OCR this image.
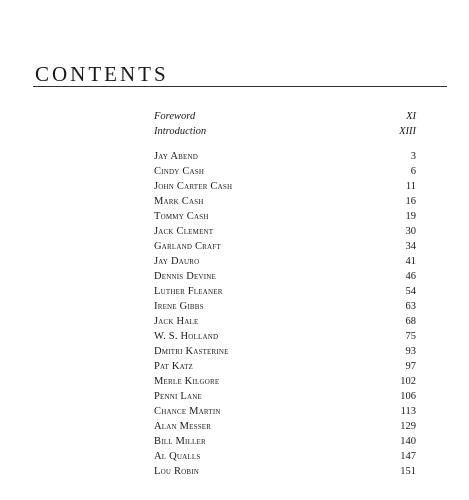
CONTENTS
Foreword	XI
Introduction	XIII
Jay Abend	3
Cindy Cash	6
John Carter Cash	11
Mark Cash	16
Tommy Cash	19
Jack Clement	30
Garland Craft	34
Jay Dauro	41
Dennis Devine	46
Luther Fleaner	54
Irene Gibbs	63
Jack Hale	68
W. S. Holland	75
Dmitri Kasterine	93
Pat Katz	97
Merle Kilgore	102
Penni Lane	106
Chance Martin	113
Alan Messer	129
Bill Miller	140
Al Qualls	147
Lou Robin	151
